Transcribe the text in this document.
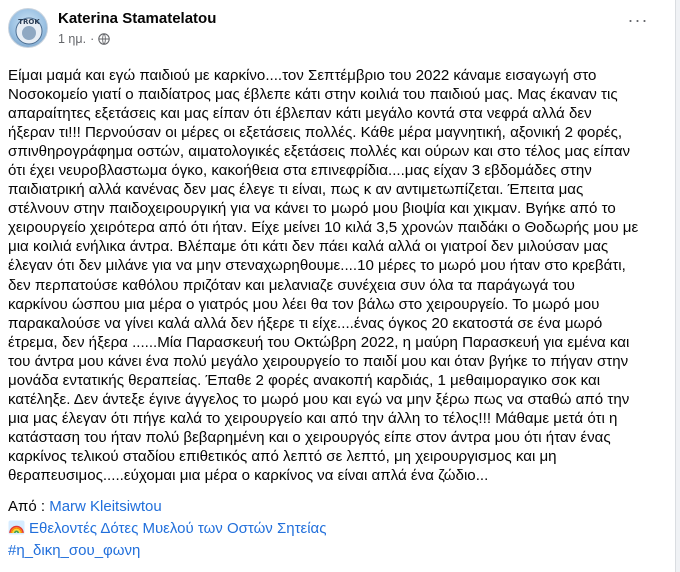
TROK Katerina Stamatelatou
1 ημ. ·
···
Είμαι μαμά και εγώ παιδιού με καρκίνο....τον Σεπτέμβριο του 2022 κάναμε εισαγωγή στο
Νοσοκομείο γιατί ο παιδίατρος μας έβλεπε κάτι στην κοιλιά του παιδιού μας. Μας έκαναν τις
απαραίτητες εξετάσεις και μας είπαν ότι έβλεπαν κάτι μεγάλο κοντά στα νεφρά αλλά δεν
ήξεραν τι!!! Περνούσαν οι μέρες οι εξετάσεις πολλές. Κάθε μέρα μαγνητική, αξονική 2 φορές,
σπινθηρογράφημα οστών, αιματολογικές εξετάσεις πολλές και ούρων και στο τέλος μας είπαν
ότι έχει νευροβλαστωμα όγκο, κακοήθεια στα επινεφρίδια....μας είχαν 3 εβδομάδες στην
παιδιατρική αλλά κανένας δεν μας έλεγε τι είναι, πως κ αν αντιμετωπίζεται. Έπειτα μας
στέλνουν στην παιδοχειρουργική για να κάνει το μωρό μου βιοψία και χικμαν. Βγήκε από το
χειρουργείο χειρότερα από ότι ήταν. Είχε μείνει 10 κιλά 3,5 χρονών παιδάκι ο Θοδωρής μου με
μια κοιλιά ενήλικα άντρα. Βλέπαμε ότι κάτι δεν πάει καλά αλλά οι γιατροί δεν μιλούσαν μας
έλεγαν ότι δεν μιλάνε για να μην στεναχωρηθουμε....10 μέρες το μωρό μου ήταν στο κρεβάτι,
δεν περπατούσε καθόλου πριζόταν και μελανιαζε συνέχεια συν όλα τα παράγωγά του
καρκίνου ώσπου μια μέρα ο γιατρός μου λέει θα τον βάλω στο χειρουργείο. Το μωρό μου
παρακαλούσε να γίνει καλά αλλά δεν ήξερε τι είχε....ένας όγκος 20 εκατοστά σε ένα μωρό
έτρεμα, δεν ήξερα ......Μία Παρασκευή του Οκτώβρη 2022, η μαύρη Παρασκευή για εμένα και
του άντρα μου κάνει ένα πολύ μεγάλο χειρουργείο το παιδί μου και όταν βγήκε το πήγαν στην
μονάδα εντατικής θεραπείας. Έπαθε 2 φορές ανακοπή καρδιάς, 1 μεθαιμοραγικο σοκ και
κατέληξε. Δεν άντεξε έγινε άγγελος το μωρό μου και εγώ να μην ξέρω πως να σταθώ από την
μια μας έλεγαν ότι πήγε καλά το χειρουργείο και από την άλλη το τέλος!!! Μάθαμε μετά ότι η
κατάσταση του ήταν πολύ βεβαρημένη και ο χειρουργός είπε στον άντρα μου ότι ήταν ένας
καρκίνος τελικού σταδίου επιθετικός από λεπτό σε λεπτό, μη χειρουργισμος και μη
θεραπευσιμος.....εύχομαι μια μέρα ο καρκίνος να είναι απλά ένα ζώδιο...
Από : Marw Kleitsiwtou
Εθελοντές Δότες Μυελού των Οστών Σητείας
#η_δικη_σου_φωνη
